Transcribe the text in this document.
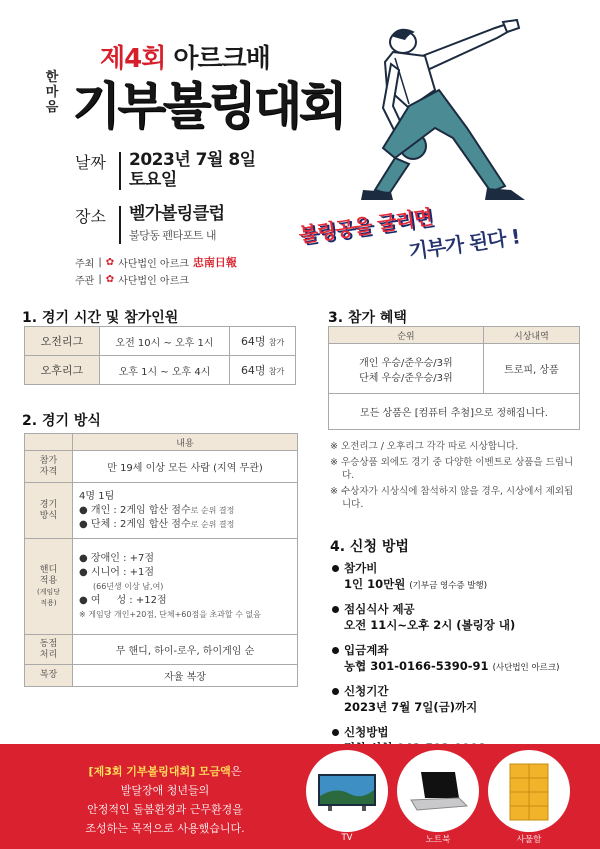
제4회 아르크배
한
마
음 기부볼링대회
볼링공을 굴리면
기부가 된다 !
날짜	2023년 7월 8일
토요일
장소	벨가볼링클럽
불당동 펜타포트 내
주최 | ✿ 사단법인 아르크 忠南日報
주관 | ✿ 사단법인 아르크
1. 경기 시간 및 참가인원
오전리그	오전 10시 ~ 오후 1시	64명 참가
오후리그	오후 1시 ~ 오후 4시	64명 참가
2. 경기 방식
	내용
참가
자격	만 19세 이상 모든 사람 (지역 무관)
경기
방식	4명 1팀
● 개인 : 2게임 합산 점수로 순위 결정
● 단체 : 2게임 합산 점수로 순위 결정

핸디
적용
(게임당
적용)	● 장애인 : +7점
● 시니어 : +1점
(66년생 이상 남,여)
● 여     성 : +12점
※ 게임당 개인+20점, 단체+60점을 초과할 수 없음

동점
처리	무 핸디, 하이-로우, 하이게임 순
복장	자율 복장
3. 참가 혜택
순위	시상내역

개인 우승/준우승/3위
단체 우승/준우승/3위	트로피, 상품
모든 상품은 [컴퓨터 추첨]으로 정해집니다.	

※ 오전리그 / 오후리그 각각 따로 시상합니다.

※ 우승상품 외에도 경기 중 다양한 이벤트로 상품을 드립니다.

※ 수상자가 시상식에 참석하지 않을 경우, 시상에서 제외됩니다.

4. 신청 방법
참가비
1인 10만원 (기부금 영수증 발행)
점심식사 제공
오전 11시~오후 2시 (볼링장 내)
입금계좌
농협 301-0166-5390-91 (사단법인 아르크)
신청기간
2023년 7월 7일(금)까지
신청방법
[제3회 기부볼링대회] 모금액은
발달장애 청년들의
안정적인 돌봄환경과 근무환경을
조성하는 목적으로 사용했습니다.
TV	노트북	사물함
